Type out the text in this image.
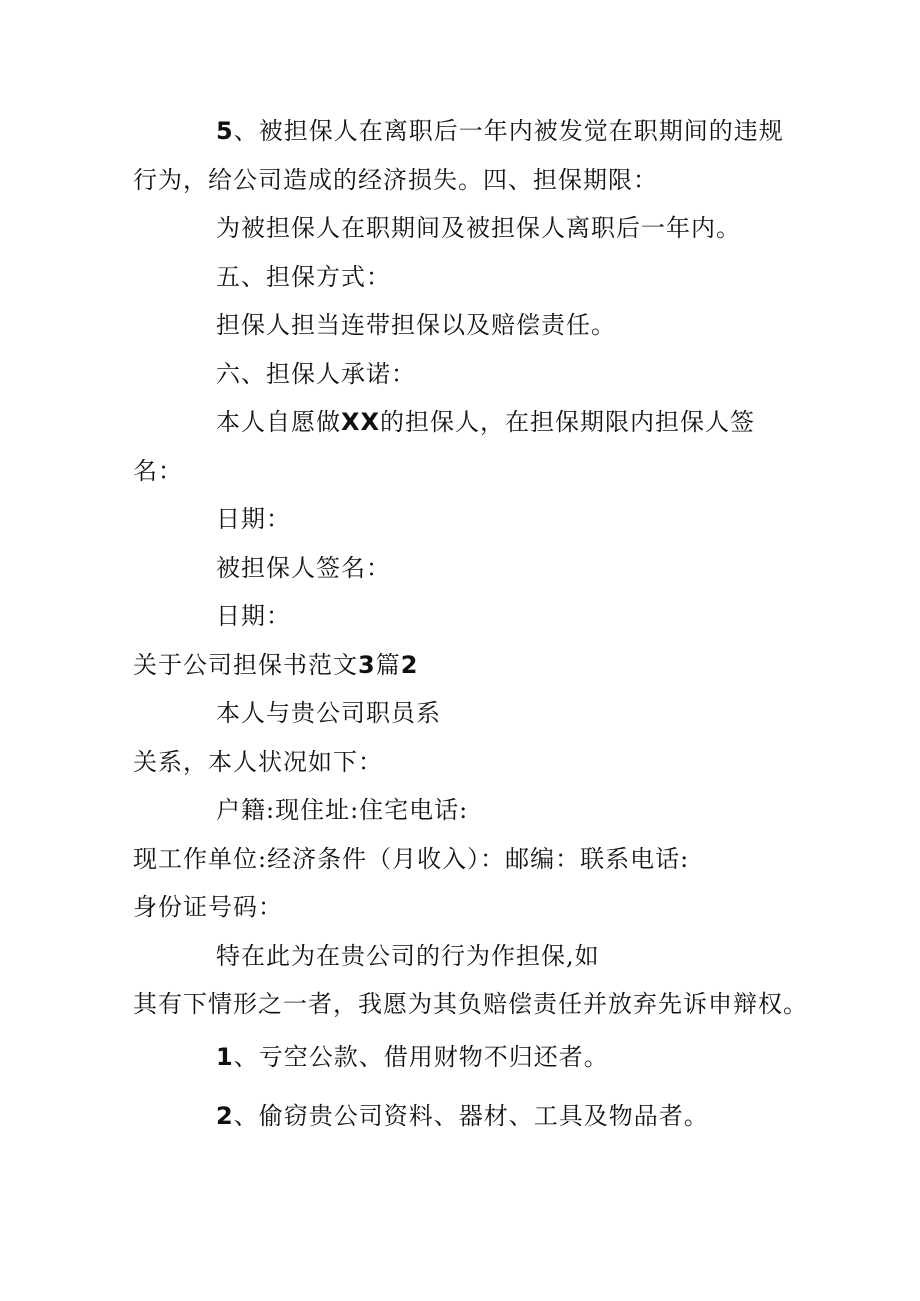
5、被担保人在离职后一年内被发觉在职期间的违规
行为，给公司造成的经济损失。四、担保期限：
为被担保人在职期间及被担保人离职后一年内。
五、担保方式：
担保人担当连带担保以及赔偿责任。
六、担保人承诺：
本人自愿做XX的担保人，在担保期限内担保人签
名：
日期：
被担保人签名：
日期：
关于公司担保书范文3篇2
本人与贵公司职员系
关系，本人状况如下：
户籍:现住址:住宅电话:
现工作单位:经济条件（月收入）：邮编：联系电话:
身份证号码：
特在此为在贵公司的行为作担保,如
其有下情形之一者，我愿为其负赔偿责任并放弃先诉申辩权。
1、亏空公款、借用财物不归还者。
2、偷窃贵公司资料、器材、工具及物品者。
